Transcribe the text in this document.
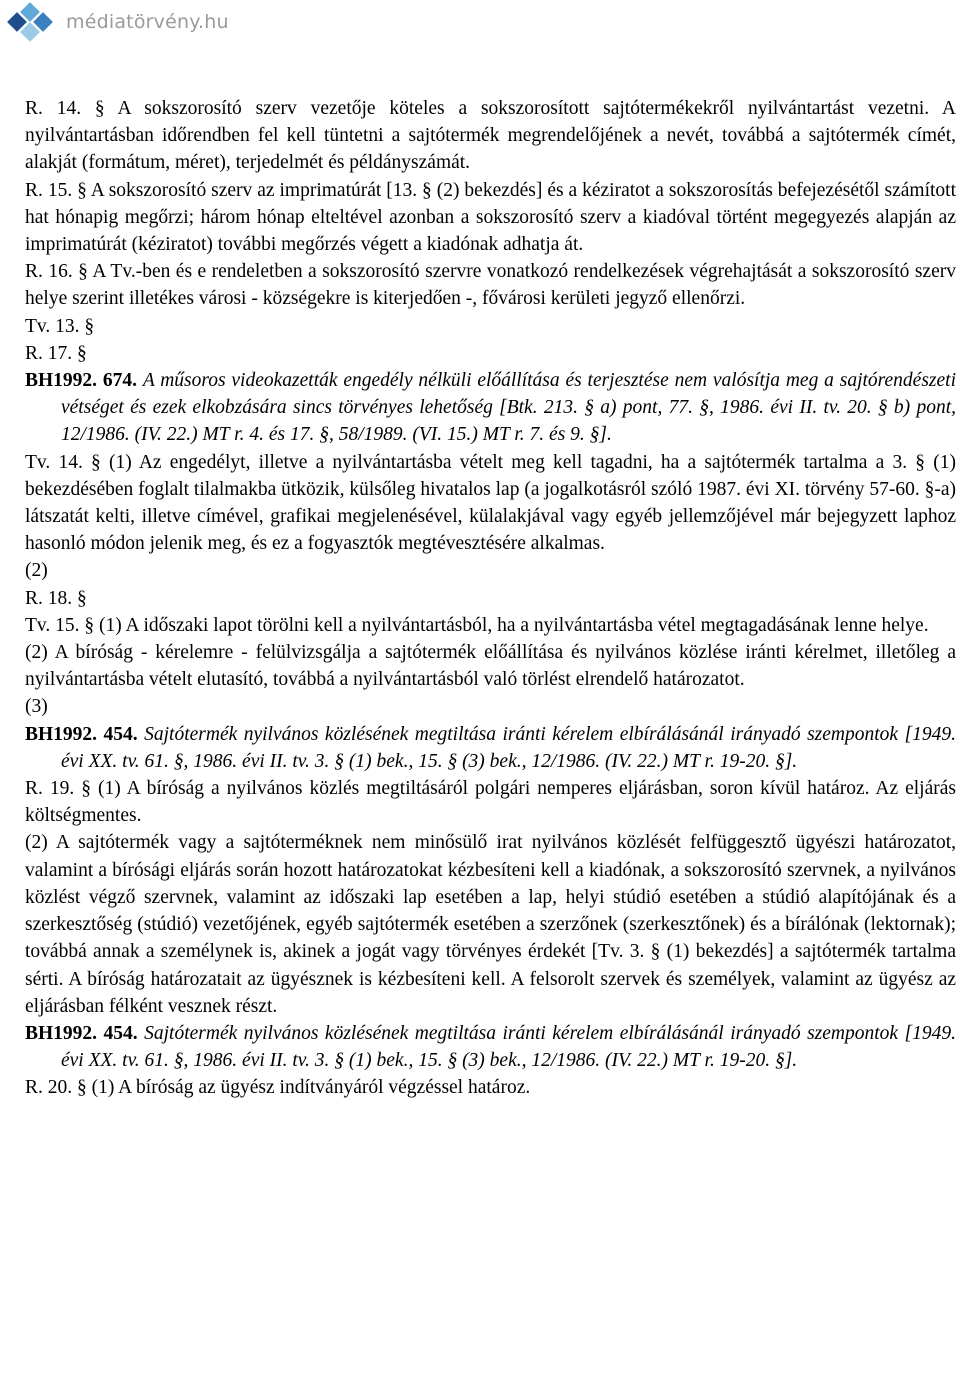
médiatörvény.hu

R. 14. § A sokszorosító szerv vezetője köteles a sokszorosított sajtótermékekről nyilvántartást vezetni. A nyilvántartásban időrendben fel kell tüntetni a sajtótermék megrendelőjének a nevét, továbbá a sajtótermék címét, alakját (formátum, méret), terjedelmét és példányszámát.

R. 15. § A sokszorosító szerv az imprimatúrát [13. § (2) bekezdés] és a kéziratot a sokszorosítás befejezésétől számított hat hónapig megőrzi; három hónap elteltével azonban a sokszorosító szerv a kiadóval történt megegyezés alapján az imprimatúrát (kéziratot) további megőrzés végett a kiadónak adhatja át.

R. 16. § A Tv.-ben és e rendeletben a sokszorosító szervre vonatkozó rendelkezések végrehajtását a sokszorosító szerv helye szerint illetékes városi - községekre is kiterjedően -, fővárosi kerületi jegyző ellenőrzi.

Tv. 13. §

R. 17. §

BH1992. 674. A műsoros videokazetták engedély nélküli előállítása és terjesztése nem valósítja meg a sajtórendészeti vétséget és ezek elkobzására sincs törvényes lehetőség [Btk. 213. § a) pont, 77. §, 1986. évi II. tv. 20. § b) pont, 12/1986. (IV. 22.) MT r. 4. és 17. §, 58/1989. (VI. 15.) MT r. 7. és 9. §].

Tv. 14. § (1) Az engedélyt, illetve a nyilvántartásba vételt meg kell tagadni, ha a sajtótermék tartalma a 3. § (1) bekezdésében foglalt tilalmakba ütközik, külsőleg hivatalos lap (a jogalkotásról szóló 1987. évi XI. törvény 57-60. §-a) látszatát kelti, illetve címével, grafikai megjelenésével, külalakjával vagy egyéb jellemzőjével már bejegyzett laphoz hasonló módon jelenik meg, és ez a fogyasztók megtévesztésére alkalmas.

(2)

R. 18. §

Tv. 15. § (1) A időszaki lapot törölni kell a nyilvántartásból, ha a nyilvántartásba vétel megtagadásának lenne helye.

(2) A bíróság - kérelemre - felülvizsgálja a sajtótermék előállítása és nyilvános közlése iránti kérelmet, illetőleg a nyilvántartásba vételt elutasító, továbbá a nyilvántartásból való törlést elrendelő határozatot.

(3)

BH1992. 454. Sajtótermék nyilvános közlésének megtiltása iránti kérelem elbírálásánál irányadó szempontok [1949. évi XX. tv. 61. §, 1986. évi II. tv. 3. § (1) bek., 15. § (3) bek., 12/1986. (IV. 22.) MT r. 19-20. §].

R. 19. § (1) A bíróság a nyilvános közlés megtiltásáról polgári nemperes eljárásban, soron kívül határoz. Az eljárás költségmentes.

(2) A sajtótermék vagy a sajtóterméknek nem minősülő irat nyilvános közlését felfüggesztő ügyészi határozatot, valamint a bírósági eljárás során hozott határozatokat kézbesíteni kell a kiadónak, a sokszorosító szervnek, a nyilvános közlést végző szervnek, valamint az időszaki lap esetében a lap, helyi stúdió esetében a stúdió alapítójának és a szerkesztőség (stúdió) vezetőjének, egyéb sajtótermék esetében a szerzőnek (szerkesztőnek) és a bírálónak (lektornak); továbbá annak a személynek is, akinek a jogát vagy törvényes érdekét [Tv. 3. § (1) bekezdés] a sajtótermék tartalma sérti. A bíróság határozatait az ügyésznek is kézbesíteni kell. A felsorolt szervek és személyek, valamint az ügyész az eljárásban félként vesznek részt.

BH1992. 454. Sajtótermék nyilvános közlésének megtiltása iránti kérelem elbírálásánál irányadó szempontok [1949. évi XX. tv. 61. §, 1986. évi II. tv. 3. § (1) bek., 15. § (3) bek., 12/1986. (IV. 22.) MT r. 19-20. §].

R. 20. § (1) A bíróság az ügyész indítványáról végzéssel határoz.
